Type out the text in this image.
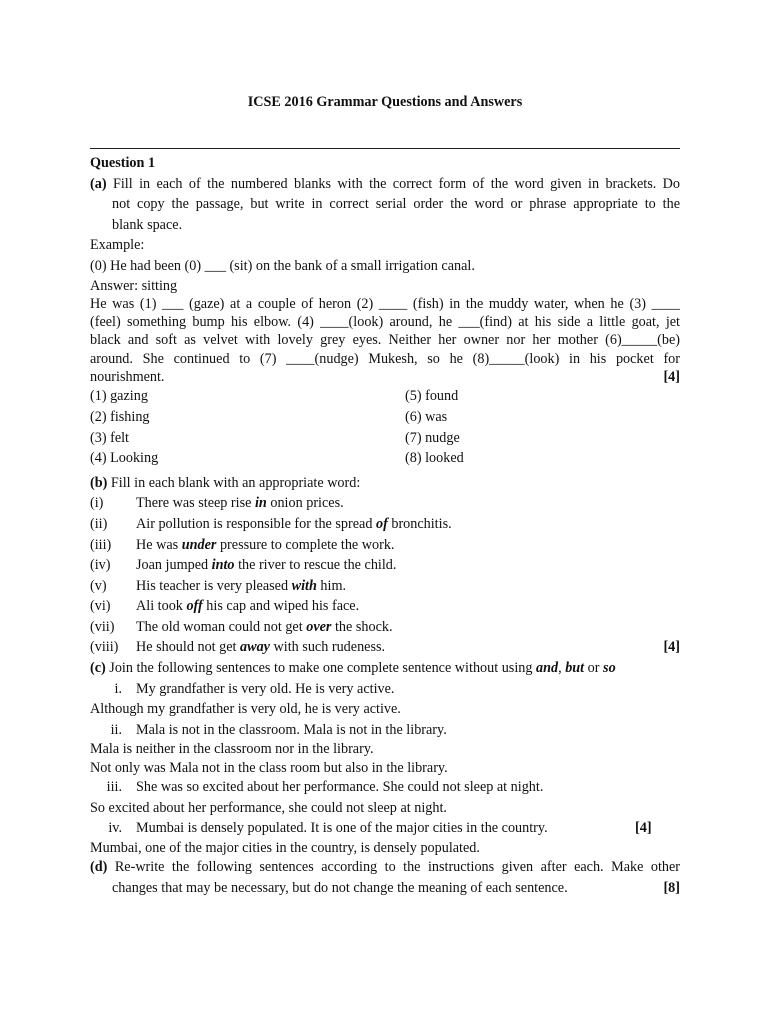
ICSE 2016 Grammar Questions and Answers
Question 1
(a) Fill in each of the numbered blanks with the correct form of the word given in brackets. Do
not copy the passage, but write in correct serial order the word or phrase appropriate to the
blank space.
Example:
(0) He had been (0) ___ (sit) on the bank of a small irrigation canal.
Answer: sitting
He was (1) ___ (gaze) at a couple of heron (2) ____ (fish) in the muddy water, when he (3) ____
(feel) something bump his elbow. (4) ____(look) around, he ___(find) at his side a little goat, jet
black and soft as velvet with lovely grey eyes. Neither her owner nor her mother (6)_____(be)
around. She continued to (7) ____(nudge) Mukesh, so he (8)_____(look) in his pocket for
nourishment.	[4]
(1) gazing	(5) found
(2) fishing	(6) was
(3) felt	(7) nudge
(4) Looking	(8) looked
(b) Fill in each blank with an appropriate word:
(i) There was steep rise in onion prices.
(ii) Air pollution is responsible for the spread of bronchitis.
(iii) He was under pressure to complete the work.
(iv) Joan jumped into the river to rescue the child.
(v) His teacher is very pleased with him.
(vi) Ali took off his cap and wiped his face.
(vii) The old woman could not get over the shock.
(viii) He should not get away with such rudeness.	[4]
(c) Join the following sentences to make one complete sentence without using and, but or so
i. My grandfather is very old. He is very active.
Although my grandfather is very old, he is very active.
ii. Mala is not in the classroom. Mala is not in the library.
Mala is neither in the classroom nor in the library.
Not only was Mala not in the class room but also in the library.
iii. She was so excited about her performance. She could not sleep at night.
So excited about her performance, she could not sleep at night.
iv. Mumbai is densely populated. It is one of the major cities in the country.	[4]
Mumbai, one of the major cities in the country, is densely populated.
(d) Re-write the following sentences according to the instructions given after each. Make other
changes that may be necessary, but do not change the meaning of each sentence.	[8]
